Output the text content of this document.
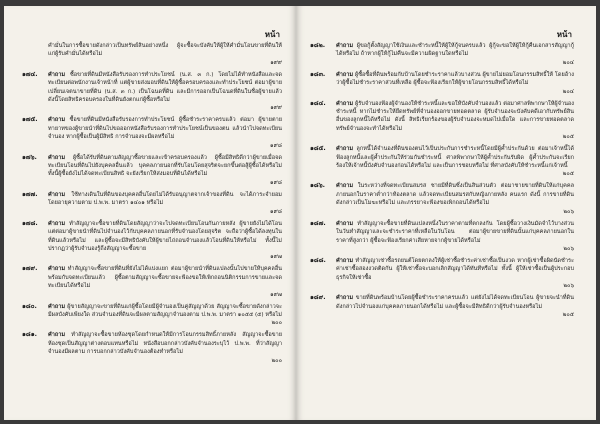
หน้า

คำมั่นในการซื้อขายดังกล่าวเป็นทรัพย์สินอย่างหนึ่ง ผู้จะซื้อจะบังคับให้ผู้ให้คำมั่นโอนขายที่ดินให้แก่ผู้รับคำมั่นได้หรือไม่

๑๙๙
๑๗๔. คำถาม ซื้อขายที่ดินมีหนังสือรับรองการทำประโยชน์ (น.ส. ๓ ก.) โดยไม่ได้ทำหนังสือและจดทะเบียนต่อพนักงานเจ้าหน้าที่ แต่ผู้ขายส่งมอบที่ดินให้ผู้ซื้อครอบครองและทำประโยชน์ ต่อมาผู้ขายเปลี่ยนเจตนาขายที่ดิน (น.ส. ๓ ก.) เป็นโฉนดที่ดิน และมีการออกเป็นโฉนดที่ดินในชื่อผู้ขายแล้ว ดังนี้โดยสิทธิครอบครองในที่ดินยังตกแก่ผู้ซื้อหรือไม่

๑๙๙
๑๗๕. คำถาม ซื้อขายที่ดินมีหนังสือรับรองการทำประโยชน์ ผู้ซื้อชำระราคาครบแล้ว ต่อมา ผู้ขายตาย ทายาทของผู้ขายนำที่ดินไปขอออกหนังสือรับรองการทำประโยชน์เป็นของตน แล้วนำไปจดทะเบียนจำนอง หากผู้ซื้อเป็นผู้มีสิทธิ การจำนองจะมีผลหรือไม่

๑๙๘
๑๗๖. คำถาม ผู้ซื้อได้รับที่ดินตามสัญญาซื้อขายและเข้าครอบครองแล้ว ผู้ซื้อมีสิทธิดีกว่าผู้ขายเมื่อจดทะเบียนโอนที่ดินไปยังบุคคลอื่นแล้ว บุคคลภายนอกที่รับโอนโดยสุจริตจะยกขึ้นต่อสู้ผู้ซื้อได้หรือไม่ ทั้งนี้ผู้ซื้อยังไม่ได้จดทะเบียนสิทธิ จะยังเรียกให้ส่งมอบที่ดินได้หรือไม่

๑๙๘
๑๗๗. คำถาม ใช้ทางเดินในที่ดินของบุคคลอื่นโดยไม่ได้รับอนุญาตจากเจ้าของที่ดิน จะได้ภาระจำยอมโดยอายุความตาม ป.พ.พ. มาตรา ๑๔๐๑ หรือไม่

๑๙๘
๑๗๘. คำถาม ทำสัญญาจะซื้อขายที่ดินโดยสัญญาว่าจะไปจดทะเบียนโอนกันภายหลัง ผู้ขายยังไม่ได้โอน แต่ต่อมาผู้ขายนำที่ดินไปจำนองไว้กับบุคคลภายนอกที่รับจำนองโดยสุจริต จะถือว่าผู้ซื้อได้ลงทุนในที่ดินแล้วหรือไม่ และผู้ซื้อจะมีสิทธิบังคับให้ผู้ขายไถ่ถอนจำนองแล้วโอนที่ดินให้หรือไม่ ทั้งนี้ไม่ปรากฏว่าผู้รับจำนองรู้ถึงสัญญาจะซื้อขาย

๑๙๗
๑๗๙. คำถาม ทำสัญญาจะซื้อขายที่ดินที่ยังไม่ได้แบ่งแยก ต่อมาผู้ขายนำที่ดินแปลงนั้นไปขายให้บุคคลอื่นพร้อมกับจดทะเบียนแล้ว ผู้ซื้อตามสัญญาจะซื้อขายจะฟ้องขอให้เพิกถอนนิติกรรมการขายและจดทะเบียนได้หรือไม่

๑๙๗
๑๘๐. คำถาม ผู้ขายสัญญาจะขายที่ดินแก่ผู้ซื้อโดยมีผู้จำนองเป็นคู่สัญญาด้วย สัญญาจะซื้อขายดังกล่าวจะมีผลบังคับเพียงใด ส่วนจำนองที่ดินจะมีผลตามสัญญาจำนองตาม ป.พ.พ. มาตรา ๑๐๕๕ (๕) หรือไม่

๒๐๐
๑๘๑. คำถาม ทำสัญญาจะซื้อขายห้องชุดโดยกำหนดให้มีการโอนกรรมสิทธิ์ภายหลัง สัญญาจะซื้อขายห้องชุดเป็นสัญญาต่างตอบแทนหรือไม่ หนังสือบอกกล่าวบังคับจำนองระบุไว้ ป.พ.พ. ที่ว่าสัญญาจำนองมีผลตาม การบอกกล่าวบังคับจำนองต้องทำหรือไม่

๒๐๐
หน้า
๑๘๒. คำถาม ผู้ขอกู้ตั้งสัญญาใช้เงินและชำระหนี้ให้ผู้ให้กู้จนครบแล้ว ผู้กู้จะขอให้ผู้ให้กู้คืนเอกสารสัญญากู้ได้หรือไม่ ถ้าหากผู้ให้กู้ไม่คืนจะมีความผิดฐานใดหรือไม่

๒๐๔
๑๘๓. คำถาม ผู้ซื้อซื้อที่ดินพร้อมกับบ้านโดยชำระราคาแล้วบางส่วน ผู้ขายไม่ยอมโอนกรรมสิทธิ์ให้ โดยอ้างว่าผู้ซื้อไม่ชำระราคาส่วนที่เหลือ ผู้ซื้อจะฟ้องเรียกให้ผู้ขายโอนกรรมสิทธิ์ได้หรือไม่

๒๐๔
๑๘๔. คำถาม ผู้รับจำนองฟ้องผู้จำนองให้ชำระหนี้และขอให้บังคับจำนองแล้ว ต่อมาศาลพิพากษาให้ผู้จำนองชำระหนี้ หากไม่ชำระให้ยึดทรัพย์ที่จำนองออกขายทอดตลาด ผู้รับจำนองจะบังคับคดีเอากับทรัพย์สินอื่นของลูกหนี้ได้หรือไม่ ดังนี้ สิทธิเรียกร้องของผู้รับจำนองจะหมดไปเมื่อใด และการขายทอดตลาดทรัพย์จำนองจะทำได้หรือไม่

๒๐๕
๑๘๕. คำถาม ลูกหนี้ได้จำนองที่ดินของตนไว้เป็นประกันการชำระหนี้โดยมีผู้ค้ำประกันด้วย ต่อมาเจ้าหนี้ได้ฟ้องลูกหนี้และผู้ค้ำประกันให้ร่วมกันชำระหนี้ ศาลพิพากษาให้ผู้ค้ำประกันรับผิด ผู้ค้ำประกันจะเรียกร้องให้เจ้าหนี้บังคับจำนองก่อนได้หรือไม่ และเป็นการชอบหรือไม่ ที่ศาลบังคับให้ชำระหนี้แก่เจ้าหนี้

๒๐๕
๑๘๖. คำถาม ในระหว่างที่จดทะเบียนสมรส ชายมีที่ดินซึ่งเป็นสินส่วนตัว ต่อมาชายขายที่ดินให้แก่บุคคลภายนอกในราคาต่ำกว่าท้องตลาด แล้วจดทะเบียนสมรสกับหญิงภายหลัง คนแรก ดังนี้ การขายที่ดินดังกล่าวเป็นโมฆะหรือไม่ และภรรยาจะฟ้องขอเพิกถอนได้หรือไม่

๒๐๖
๑๘๗. คำถาม ทำสัญญาจะซื้อขายที่ดินแปลงหนึ่งในราคาตามที่ตกลงกัน โดยผู้ซื้อวางเงินมัดจำไว้บางส่วนในวันทำสัญญาและจะชำระราคาที่เหลือในวันโอน ต่อมาผู้ขายขายที่ดินนั้นแก่บุคคลภายนอกในราคาที่สูงกว่า ผู้ซื้อจะฟ้องเรียกค่าเสียหายจากผู้ขายได้หรือไม่

๒๐๖
๑๘๘. คำถาม ทำสัญญาเช่าซื้อรถยนต์โดยตกลงให้ผู้เช่าซื้อชำระค่าเช่าซื้อเป็นงวด หากผู้เช่าซื้อผิดนัดชำระค่าเช่าซื้อสองงวดติดกัน ผู้ให้เช่าซื้อจะบอกเลิกสัญญาได้ทันทีหรือไม่ ทั้งนี้ ผู้ให้เช่าซื้อเป็นผู้ประกอบธุรกิจให้เช่าซื้อ

๒๐๖
๑๘๙. คำถาม ขายที่ดินพร้อมบ้านโดยผู้ซื้อชำระราคาครบแล้ว แต่ยังไม่ได้จดทะเบียนโอน ผู้ขายจะนำที่ดินดังกล่าวไปจำนองแก่บุคคลภายนอกได้หรือไม่ และผู้ซื้อจะมีสิทธิดีกว่าผู้รับจำนองหรือไม่

๒๐๕
